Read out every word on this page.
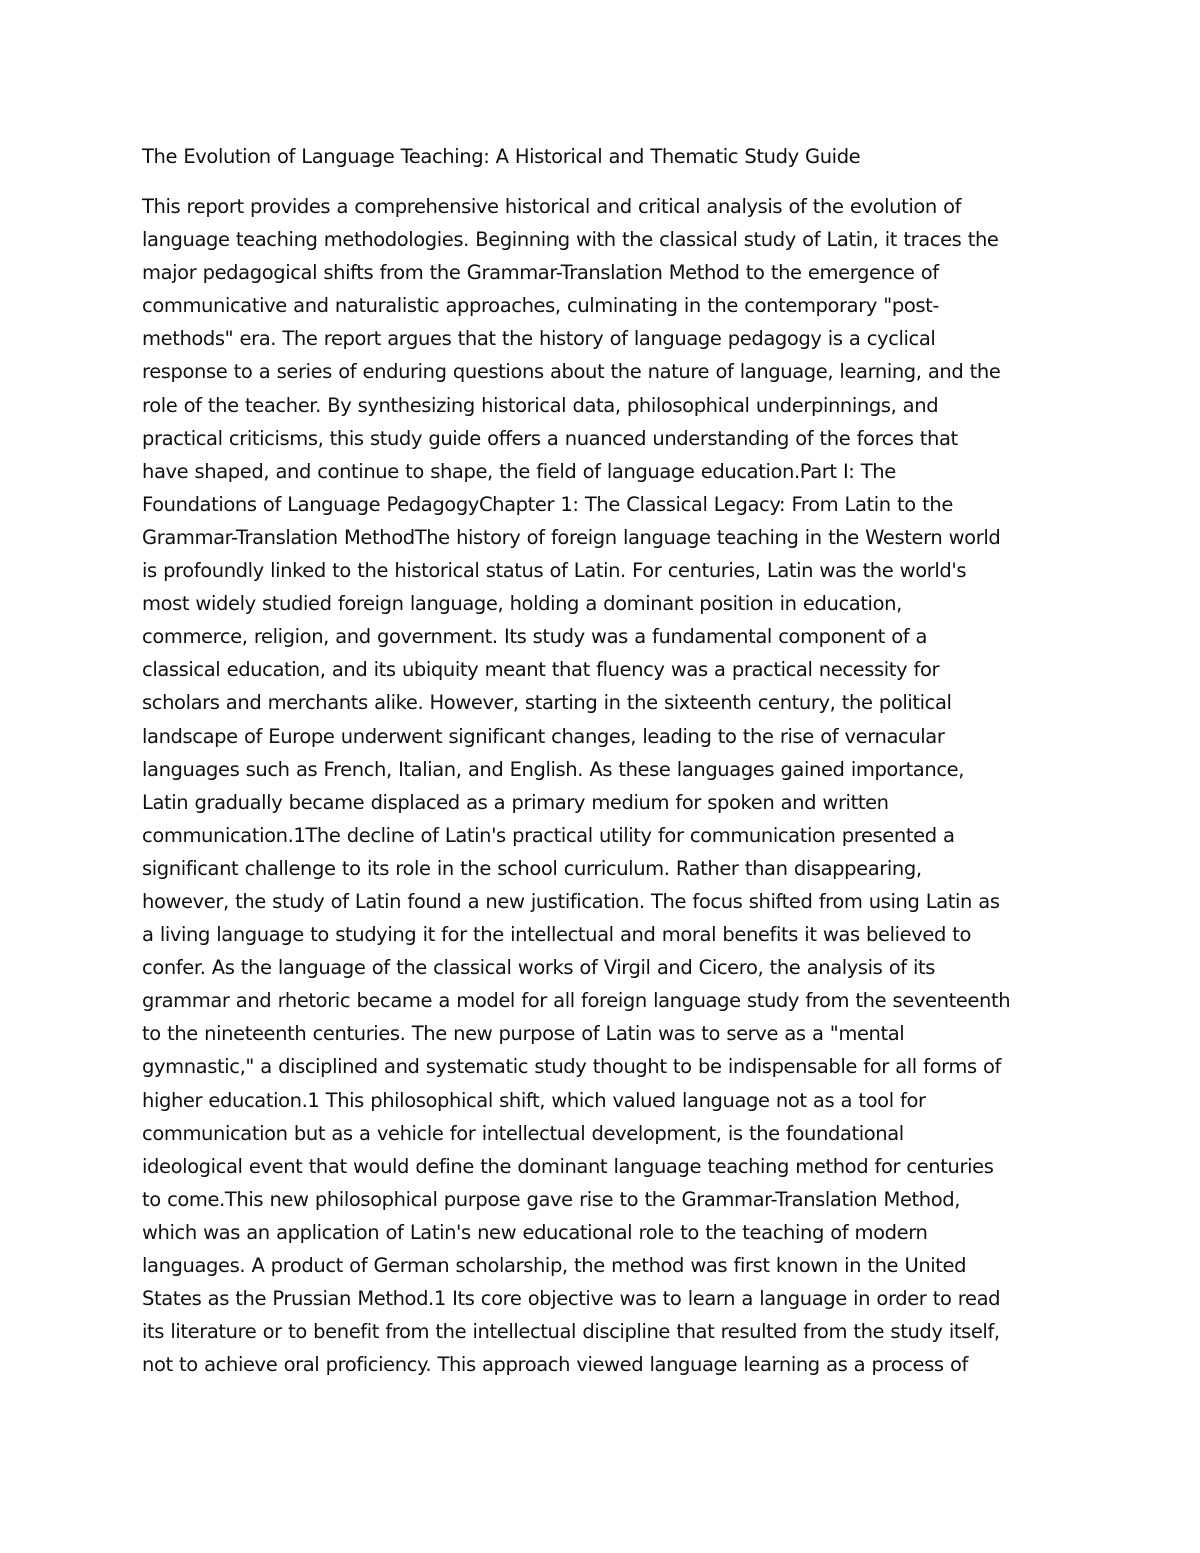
The Evolution of Language Teaching: A Historical and Thematic Study Guide
This report provides a comprehensive historical and critical analysis of the evolution of
language teaching methodologies. Beginning with the classical study of Latin, it traces the
major pedagogical shifts from the Grammar-Translation Method to the emergence of
communicative and naturalistic approaches, culminating in the contemporary "post-
methods" era. The report argues that the history of language pedagogy is a cyclical
response to a series of enduring questions about the nature of language, learning, and the
role of the teacher. By synthesizing historical data, philosophical underpinnings, and
practical criticisms, this study guide offers a nuanced understanding of the forces that
have shaped, and continue to shape, the field of language education.Part I: The
Foundations of Language PedagogyChapter 1: The Classical Legacy: From Latin to the
Grammar-Translation MethodThe history of foreign language teaching in the Western world
is profoundly linked to the historical status of Latin. For centuries, Latin was the world's
most widely studied foreign language, holding a dominant position in education,
commerce, religion, and government. Its study was a fundamental component of a
classical education, and its ubiquity meant that fluency was a practical necessity for
scholars and merchants alike. However, starting in the sixteenth century, the political
landscape of Europe underwent significant changes, leading to the rise of vernacular
languages such as French, Italian, and English. As these languages gained importance,
Latin gradually became displaced as a primary medium for spoken and written
communication.1The decline of Latin's practical utility for communication presented a
significant challenge to its role in the school curriculum. Rather than disappearing,
however, the study of Latin found a new justification. The focus shifted from using Latin as
a living language to studying it for the intellectual and moral benefits it was believed to
confer. As the language of the classical works of Virgil and Cicero, the analysis of its
grammar and rhetoric became a model for all foreign language study from the seventeenth
to the nineteenth centuries. The new purpose of Latin was to serve as a "mental
gymnastic," a disciplined and systematic study thought to be indispensable for all forms of
higher education.1 This philosophical shift, which valued language not as a tool for
communication but as a vehicle for intellectual development, is the foundational
ideological event that would define the dominant language teaching method for centuries
to come.This new philosophical purpose gave rise to the Grammar-Translation Method,
which was an application of Latin's new educational role to the teaching of modern
languages. A product of German scholarship, the method was first known in the United
States as the Prussian Method.1 Its core objective was to learn a language in order to read
its literature or to benefit from the intellectual discipline that resulted from the study itself,
not to achieve oral proficiency. This approach viewed language learning as a process of
